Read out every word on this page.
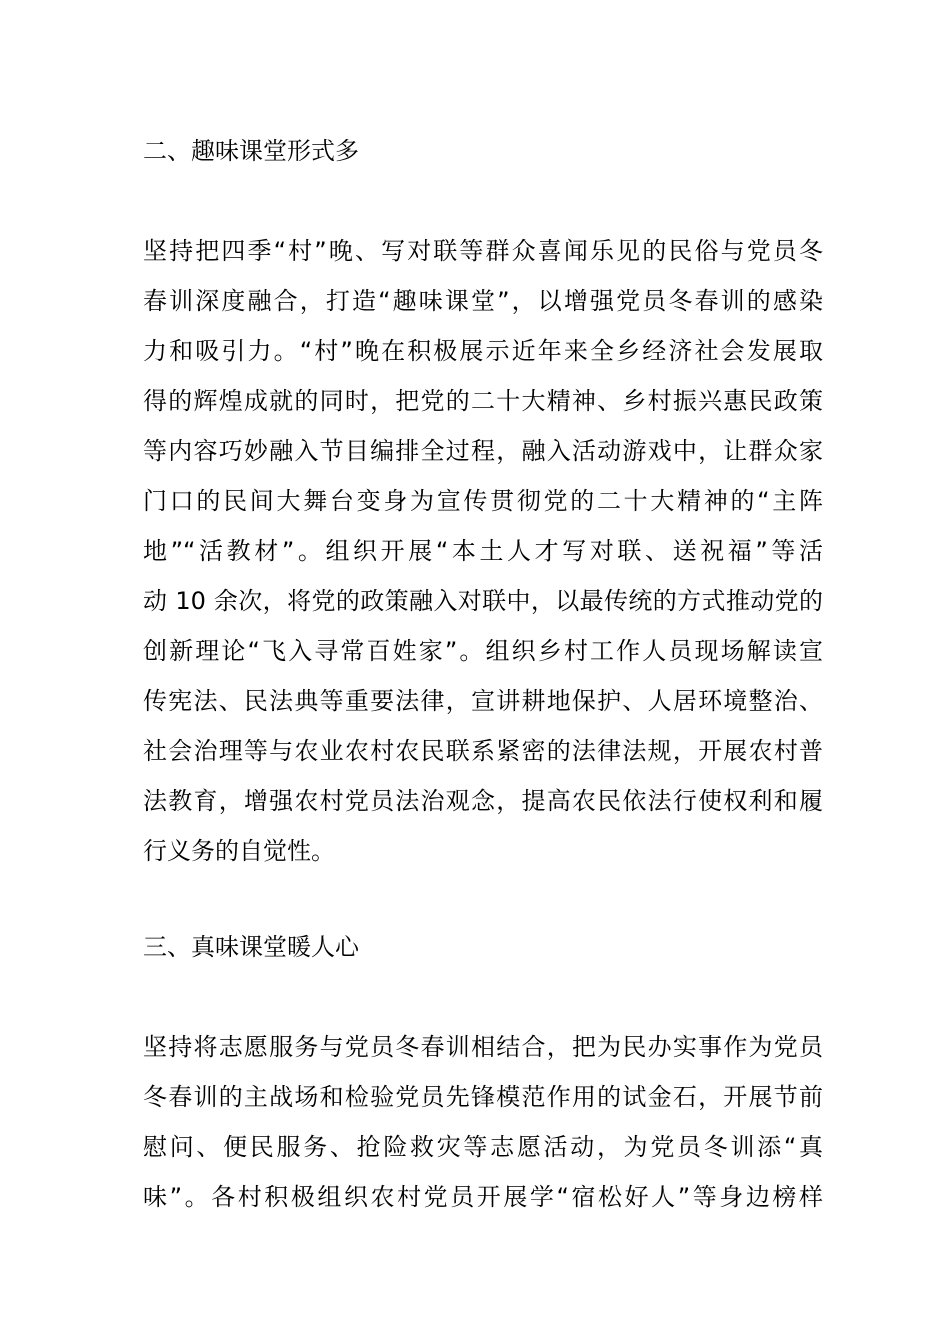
二、趣味课堂形式多
坚持把四季“村”晚、写对联等群众喜闻乐见的民俗与党员冬
春训深度融合，打造“趣味课堂”，以增强党员冬春训的感染
力和吸引力。“村”晚在积极展示近年来全乡经济社会发展取
得的辉煌成就的同时，把党的二十大精神、乡村振兴惠民政策
等内容巧妙融入节目编排全过程，融入活动游戏中，让群众家
门口的民间大舞台变身为宣传贯彻党的二十大精神的“主阵
地”“活教材”。组织开展“本土人才写对联、送祝福”等活
动 10 余次，将党的政策融入对联中，以最传统的方式推动党的
创新理论“飞入寻常百姓家”。组织乡村工作人员现场解读宣
传宪法、民法典等重要法律，宣讲耕地保护、人居环境整治、
社会治理等与农业农村农民联系紧密的法律法规，开展农村普
法教育，增强农村党员法治观念，提高农民依法行使权利和履
行义务的自觉性。
三、真味课堂暖人心
坚持将志愿服务与党员冬春训相结合，把为民办实事作为党员
冬春训的主战场和检验党员先锋模范作用的试金石，开展节前
慰问、便民服务、抢险救灾等志愿活动，为党员冬训添“真
味”。各村积极组织农村党员开展学“宿松好人”等身边榜样
